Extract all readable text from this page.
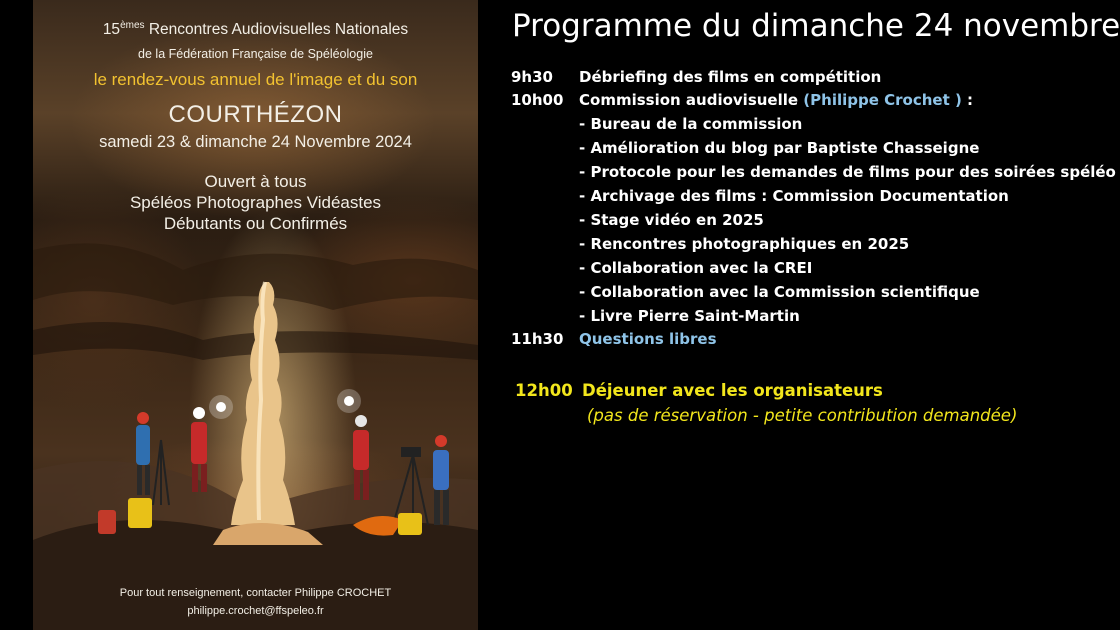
15èmes Rencontres Audiovisuelles Nationales
de la Fédération Française de Spéléologie
le rendez-vous annuel de l'image et du son
COURTHÉZON
samedi 23 & dimanche 24 Novembre 2024
Ouvert à tous
Spéléos Photographes Vidéastes
Débutants ou Confirmés
Pour tout renseignement, contacter Philippe CROCHET
philippe.crochet@ffspeleo.fr
Programme du dimanche 24 novembre
9h30 Débriefing des films en compétition
10h00 Commission audiovisuelle (Philippe Crochet ) :
- Bureau de la commission
- Amélioration du blog par Baptiste Chasseigne
- Protocole pour les demandes de films pour des soirées spéléo
- Archivage des films : Commission Documentation
- Stage vidéo en 2025
- Rencontres photographiques en 2025
- Collaboration avec la CREI
- Collaboration avec la Commission scientifique
- Livre Pierre Saint-Martin
11h30 Questions libres
12h00 Déjeuner avec les organisateurs
(pas de réservation - petite contribution demandée)
